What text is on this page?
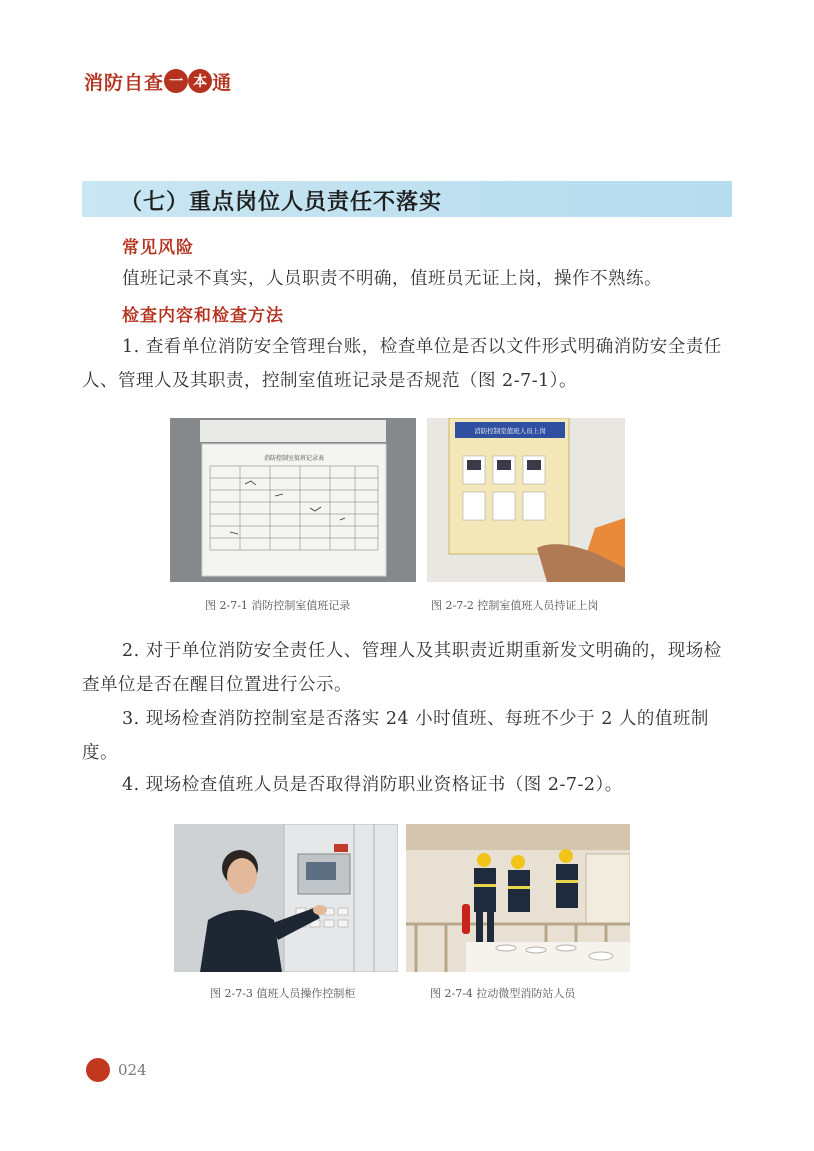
消 防 自 查 一 本 通
（七）重点岗位人员责任不落实
常见风险

值班记录不真实，人员职责不明确，值班员无证上岗，操作不熟练。

检查内容和检查方法

1. 查看单位消防安全管理台账，检查单位是否以文件形式明确消防安全责任人、管理人及其职责，控制室值班记录是否规范（图 2-7-1）。

消防控制室值班记录表
消防控制室值班人员上岗
图 2-7-1 消防控制室值班记录	图 2-7-2 控制室值班人员持证上岗

2. 对于单位消防安全责任人、管理人及其职责近期重新发文明确的，现场检查单位是否在醒目位置进行公示。

3. 现场检查消防控制室是否落实 24 小时值班、每班不少于 2 人的值班制度。

4. 现场检查值班人员是否取得消防职业资格证书（图 2-7-2）。

图 2-7-3 值班人员操作控制柜	图 2-7-4 拉动微型消防站人员
024
